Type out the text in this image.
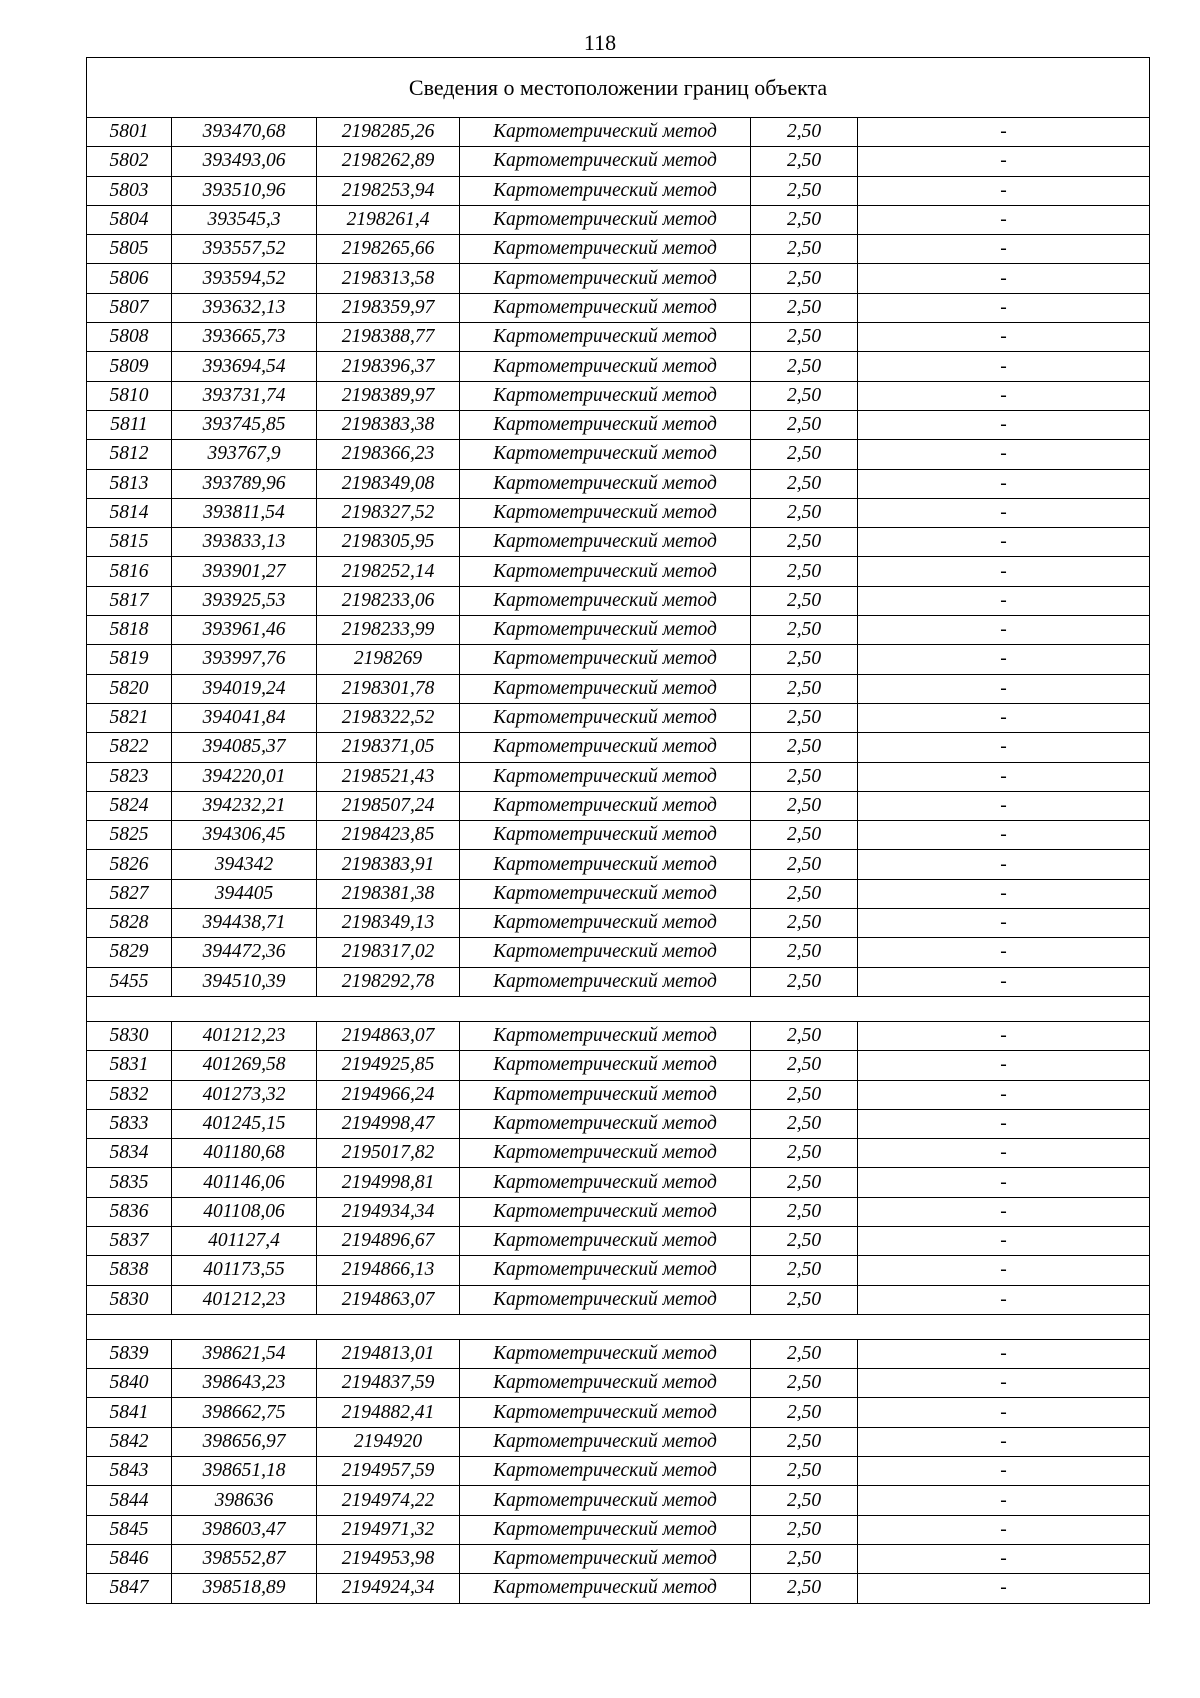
118
Сведения о местоположении границ объекта					
5801	393470,68	2198285,26	Картометрический метод	2,50	-
5802	393493,06	2198262,89	Картометрический метод	2,50	-
5803	393510,96	2198253,94	Картометрический метод	2,50	-
5804	393545,3	2198261,4	Картометрический метод	2,50	-
5805	393557,52	2198265,66	Картометрический метод	2,50	-
5806	393594,52	2198313,58	Картометрический метод	2,50	-
5807	393632,13	2198359,97	Картометрический метод	2,50	-
5808	393665,73	2198388,77	Картометрический метод	2,50	-
5809	393694,54	2198396,37	Картометрический метод	2,50	-
5810	393731,74	2198389,97	Картометрический метод	2,50	-
5811	393745,85	2198383,38	Картометрический метод	2,50	-
5812	393767,9	2198366,23	Картометрический метод	2,50	-
5813	393789,96	2198349,08	Картометрический метод	2,50	-
5814	393811,54	2198327,52	Картометрический метод	2,50	-
5815	393833,13	2198305,95	Картометрический метод	2,50	-
5816	393901,27	2198252,14	Картометрический метод	2,50	-
5817	393925,53	2198233,06	Картометрический метод	2,50	-
5818	393961,46	2198233,99	Картометрический метод	2,50	-
5819	393997,76	2198269	Картометрический метод	2,50	-
5820	394019,24	2198301,78	Картометрический метод	2,50	-
5821	394041,84	2198322,52	Картометрический метод	2,50	-
5822	394085,37	2198371,05	Картометрический метод	2,50	-
5823	394220,01	2198521,43	Картометрический метод	2,50	-
5824	394232,21	2198507,24	Картометрический метод	2,50	-
5825	394306,45	2198423,85	Картометрический метод	2,50	-
5826	394342	2198383,91	Картометрический метод	2,50	-
5827	394405	2198381,38	Картометрический метод	2,50	-
5828	394438,71	2198349,13	Картометрический метод	2,50	-
5829	394472,36	2198317,02	Картометрический метод	2,50	-
5455	394510,39	2198292,78	Картометрический метод	2,50	-

5830	401212,23	2194863,07	Картометрический метод	2,50	-
5831	401269,58	2194925,85	Картометрический метод	2,50	-
5832	401273,32	2194966,24	Картометрический метод	2,50	-
5833	401245,15	2194998,47	Картометрический метод	2,50	-
5834	401180,68	2195017,82	Картометрический метод	2,50	-
5835	401146,06	2194998,81	Картометрический метод	2,50	-
5836	401108,06	2194934,34	Картометрический метод	2,50	-
5837	401127,4	2194896,67	Картометрический метод	2,50	-
5838	401173,55	2194866,13	Картометрический метод	2,50	-
5830	401212,23	2194863,07	Картометрический метод	2,50	-

5839	398621,54	2194813,01	Картометрический метод	2,50	-
5840	398643,23	2194837,59	Картометрический метод	2,50	-
5841	398662,75	2194882,41	Картометрический метод	2,50	-
5842	398656,97	2194920	Картометрический метод	2,50	-
5843	398651,18	2194957,59	Картометрический метод	2,50	-
5844	398636	2194974,22	Картометрический метод	2,50	-
5845	398603,47	2194971,32	Картометрический метод	2,50	-
5846	398552,87	2194953,98	Картометрический метод	2,50	-
5847	398518,89	2194924,34	Картометрический метод	2,50	-
